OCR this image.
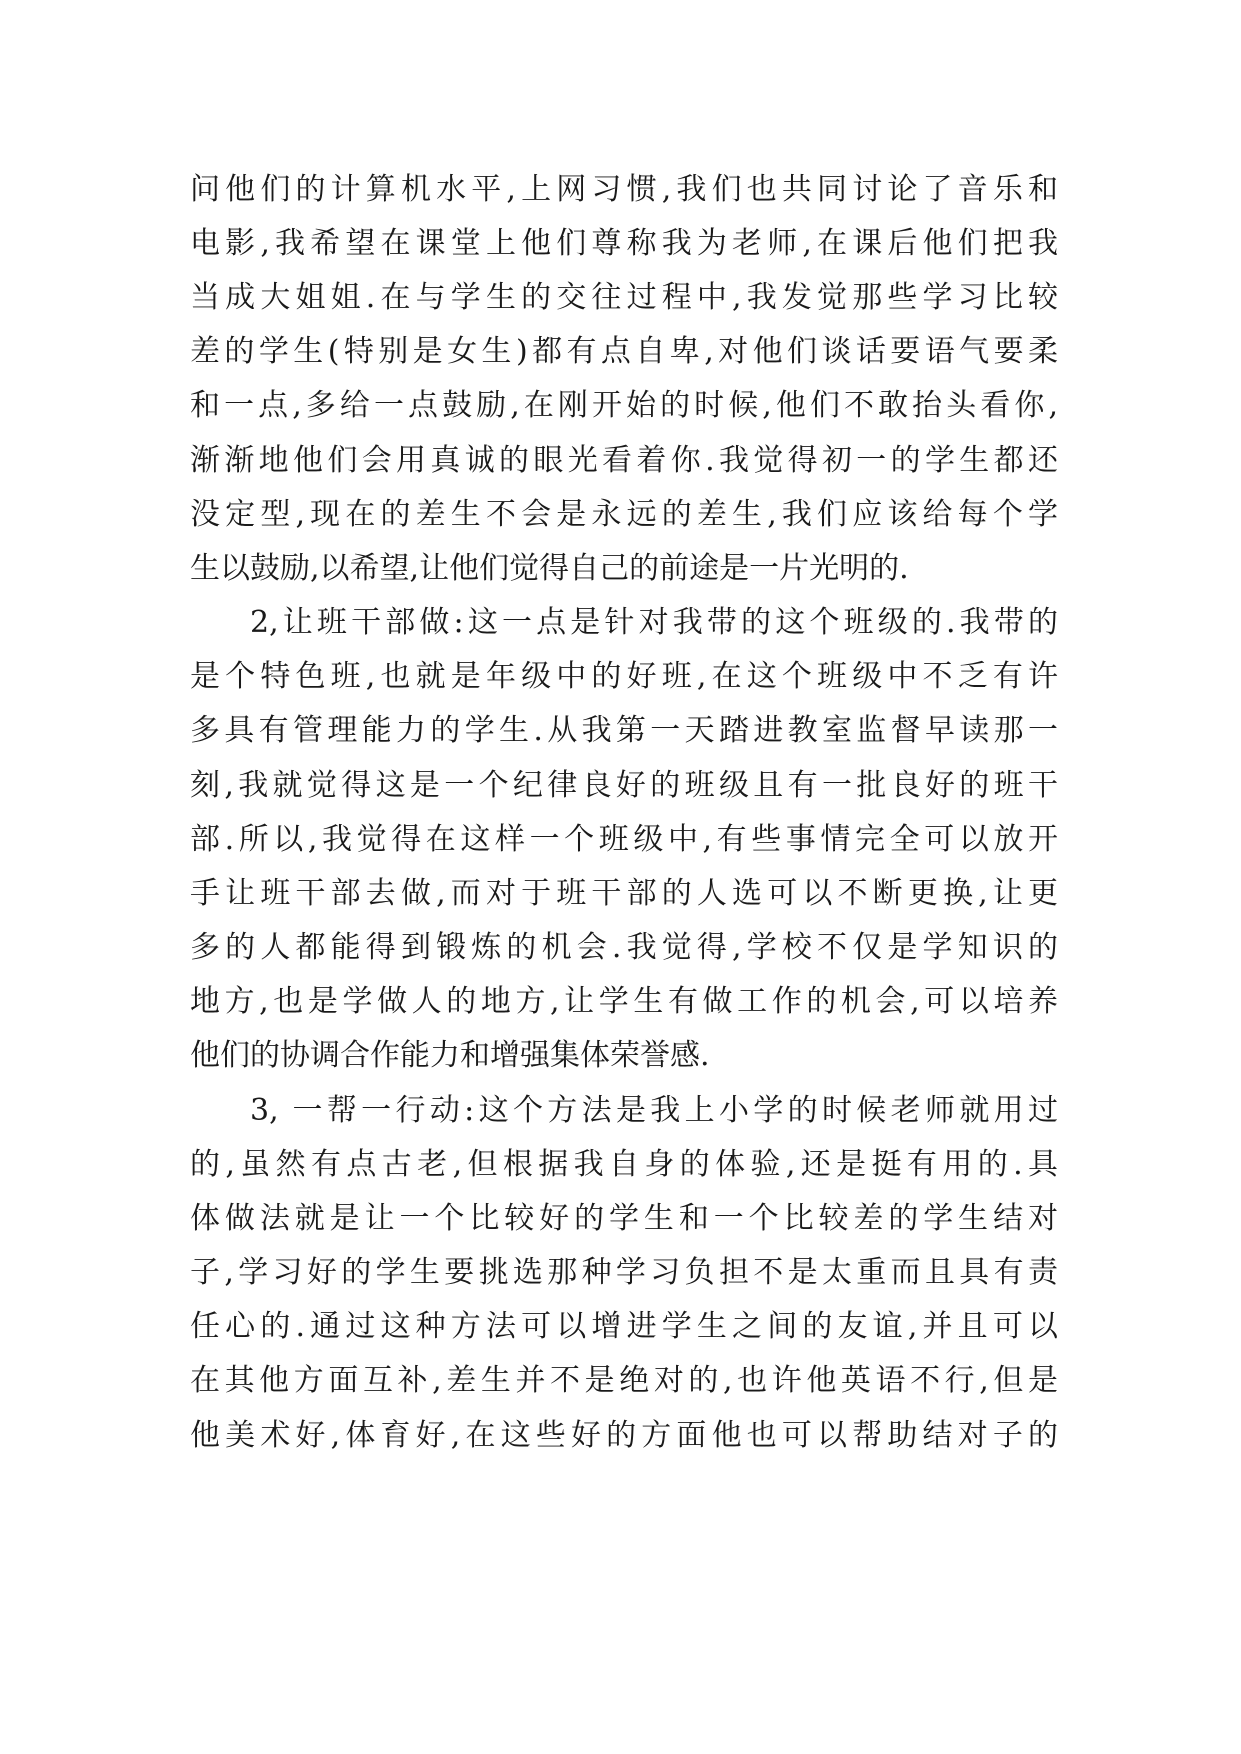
问他们的计算机水平,上网习惯,我们也共同讨论了音乐和
电影,我希望在课堂上他们尊称我为老师,在课后他们把我
当成大姐姐.在与学生的交往过程中,我发觉那些学习比较
差的学生(特别是女生)都有点自卑,对他们谈话要语气要柔
和一点,多给一点鼓励,在刚开始的时候,他们不敢抬头看你,
渐渐地他们会用真诚的眼光看着你.我觉得初一的学生都还
没定型,现在的差生不会是永远的差生,我们应该给每个学
生以鼓励,以希望,让他们觉得自己的前途是一片光明的.
2,让班干部做:这一点是针对我带的这个班级的.我带的
是个特色班,也就是年级中的好班,在这个班级中不乏有许
多具有管理能力的学生.从我第一天踏进教室监督早读那一
刻,我就觉得这是一个纪律良好的班级且有一批良好的班干
部.所以,我觉得在这样一个班级中,有些事情完全可以放开
手让班干部去做,而对于班干部的人选可以不断更换,让更
多的人都能得到锻炼的机会.我觉得,学校不仅是学知识的
地方,也是学做人的地方,让学生有做工作的机会,可以培养
他们的协调合作能力和增强集体荣誉感.
3, 一帮一行动:这个方法是我上小学的时候老师就用过
的,虽然有点古老,但根据我自身的体验,还是挺有用的.具
体做法就是让一个比较好的学生和一个比较差的学生结对
子,学习好的学生要挑选那种学习负担不是太重而且具有责
任心的.通过这种方法可以增进学生之间的友谊,并且可以
在其他方面互补,差生并不是绝对的,也许他英语不行,但是
他美术好,体育好,在这些好的方面他也可以帮助结对子的
